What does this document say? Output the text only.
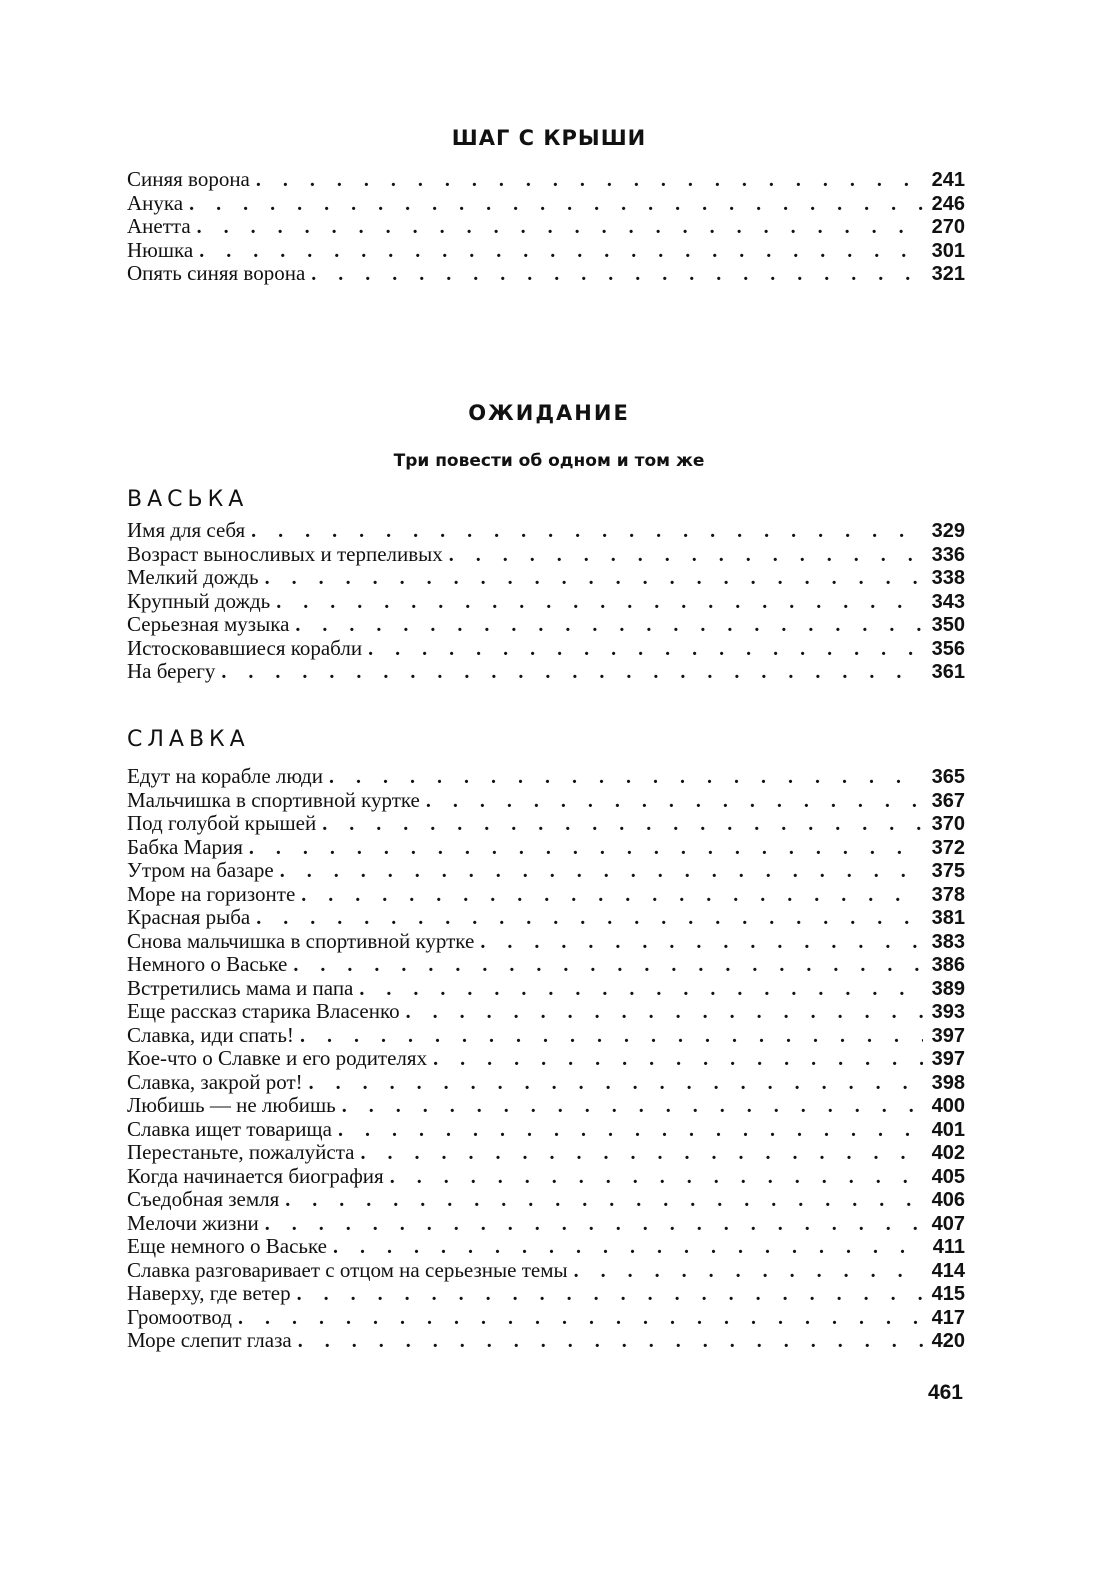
ШАГ С КРЫШИ
Синяя ворона . . .	241
Анука . . .	246
Анетта . . .	270
Нюшка . . .	301
Опять синяя ворона . . .	321
ОЖИДАНИЕ
Три повести об одном и том же
ВАСЬКА
Имя для себя . . .	329
Возраст выносливых и терпеливых . . .	336
Мелкий дождь . . .	338
Крупный дождь . . .	343
Серьезная музыка . . .	350
Истосковавшиеся корабли . . .	356
На берегу . . .	361
СЛАВКА
Едут на корабле люди . . .	365
Мальчишка в спортивной куртке . . .	367
Под голубой крышей . . .	370
Бабка Мария . . .	372
Утром на базаре . . .	375
Море на горизонте . . .	378
Красная рыба . . .	381
Снова мальчишка в спортивной куртке . . .	383
Немного о Ваське . . .	386
Встретились мама и папа . . .	389
Еще рассказ старика Власенко . . .	393
Славка, иди спать! . . .	397
Кое-что о Славке и его родителях . . .	397
Славка, закрой рот! . . .	398
Любишь — не любишь . . .	400
Славка ищет товарища . . .	401
Перестаньте, пожалуйста . . .	402
Когда начинается биография . . .	405
Съедобная земля . . .	406
Мелочи жизни . . .	407
Еще немного о Ваське . . .	411
Славка разговаривает с отцом на серьезные темы . . .	414
Наверху, где ветер . . .	415
Громоотвод . . .	417
Море слепит глаза . . .	420
461
